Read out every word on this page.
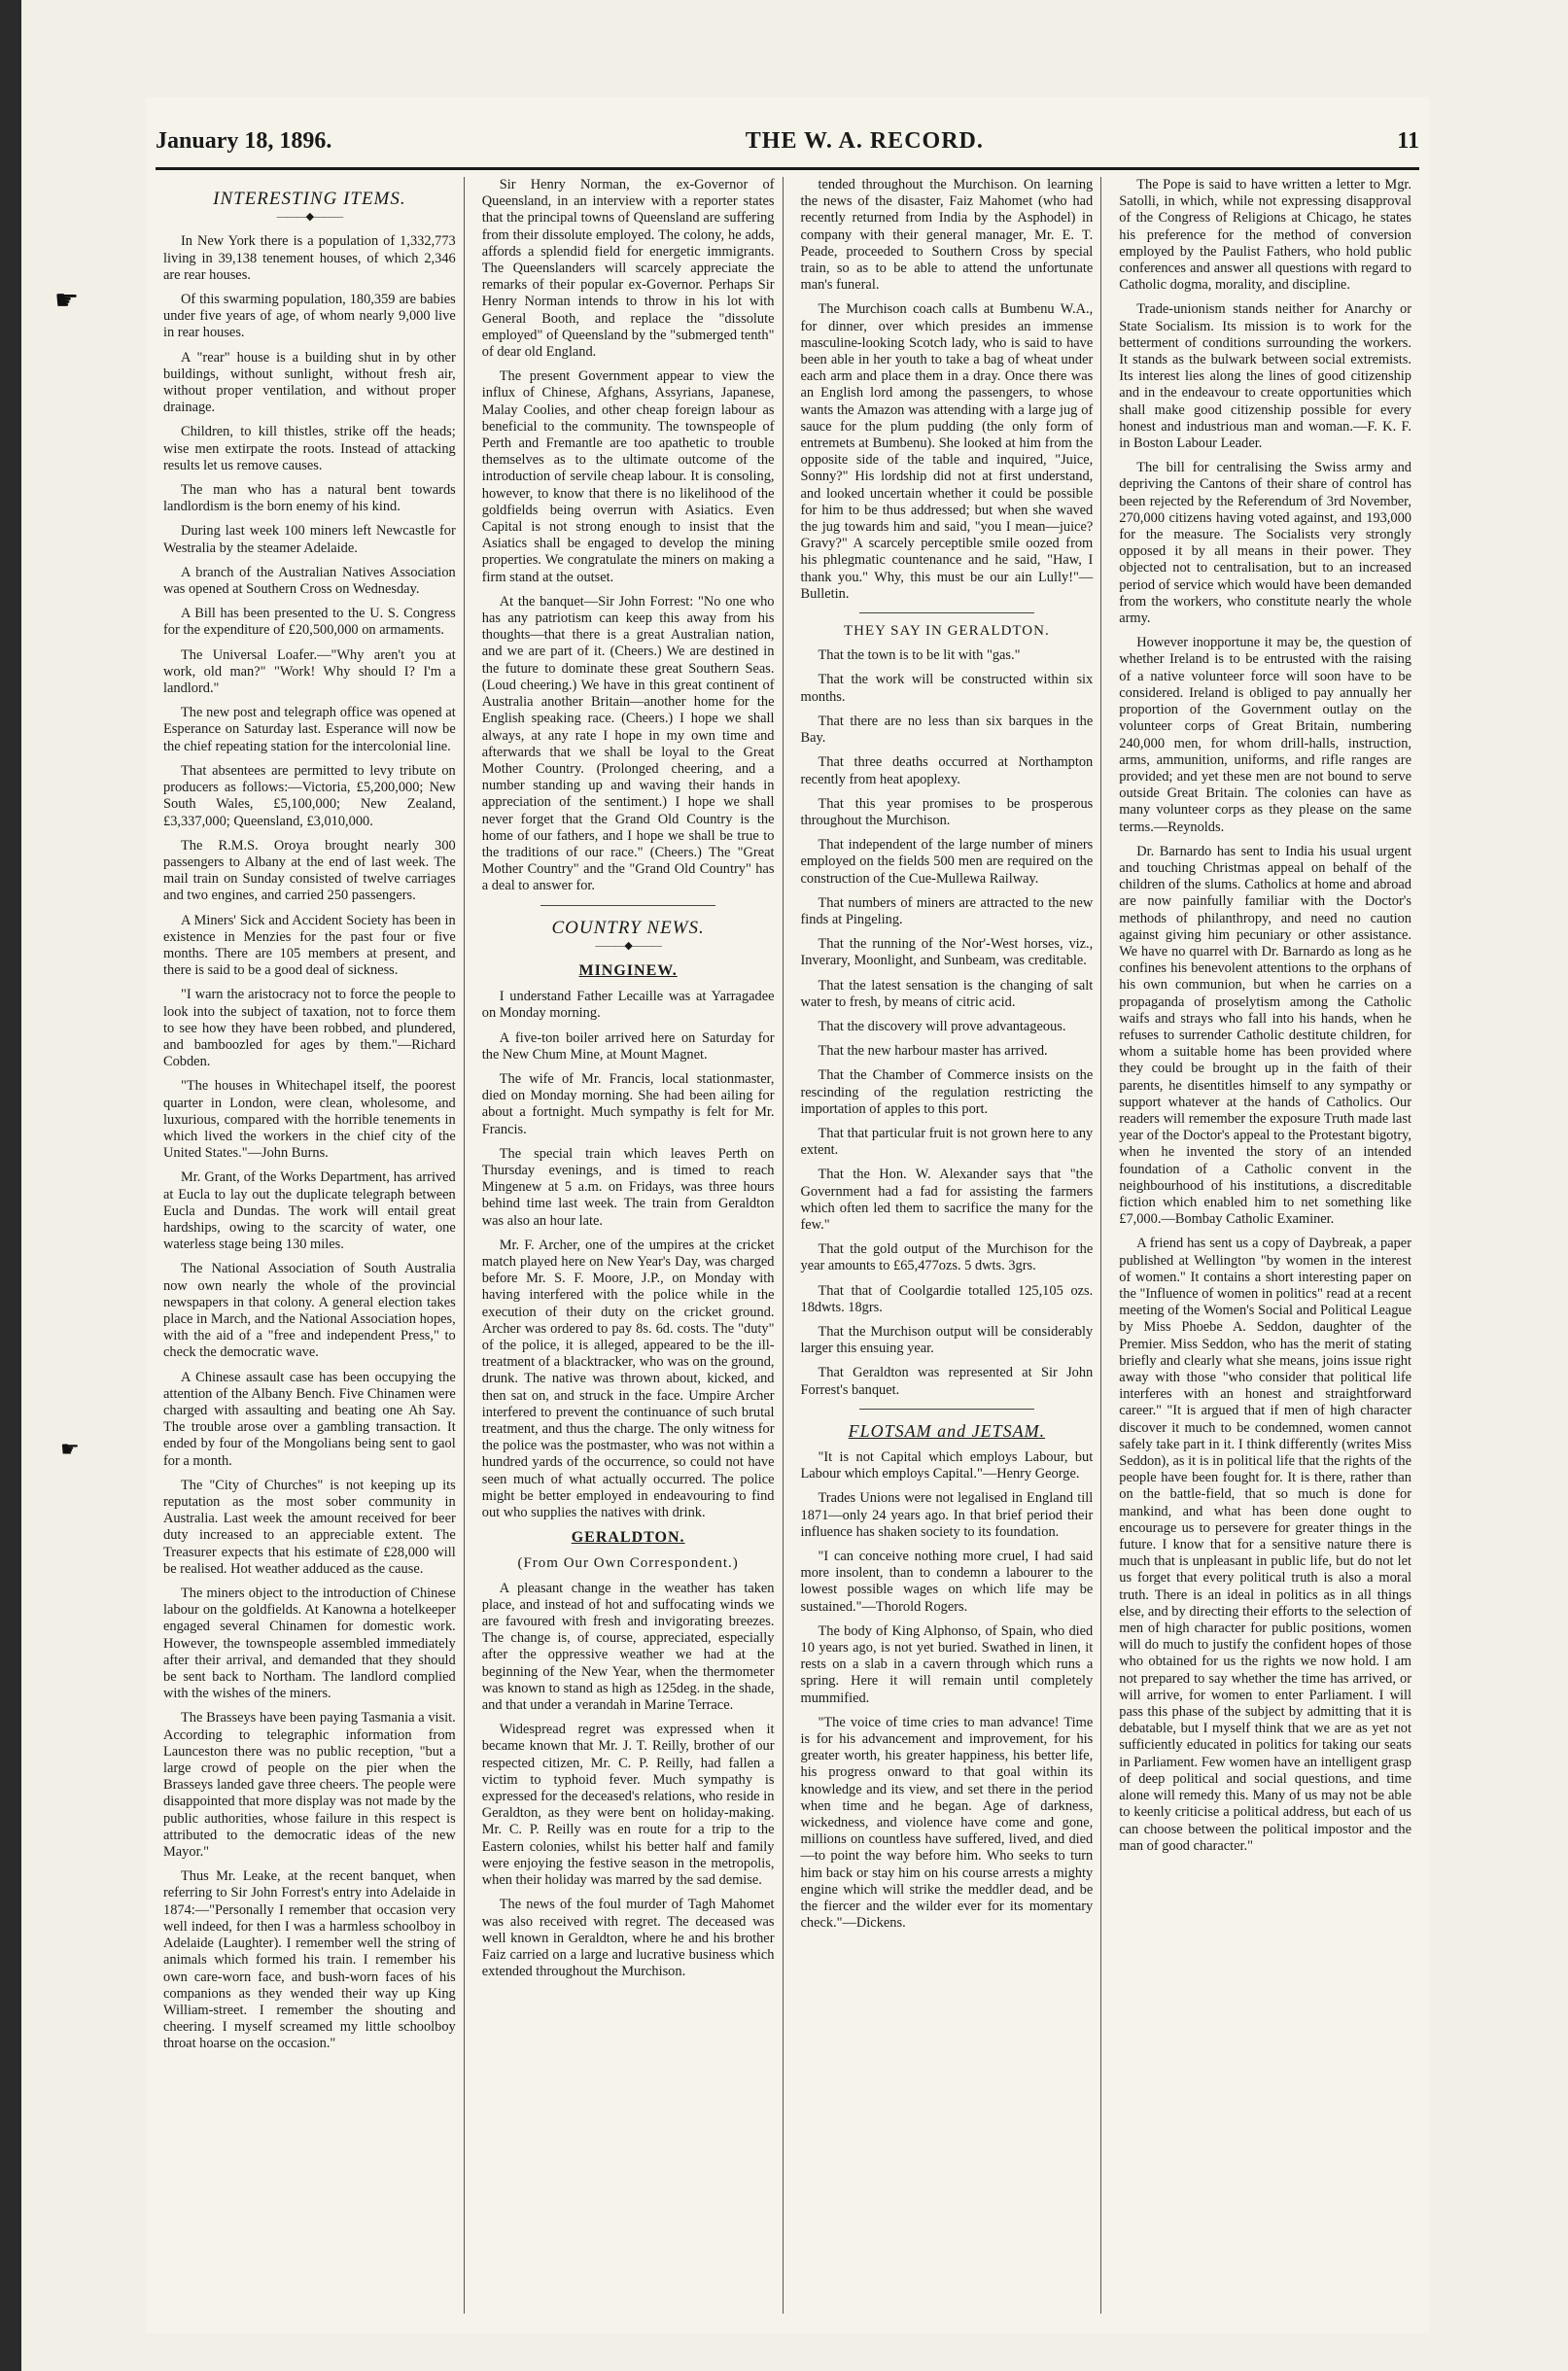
☛
☛
January 18, 1896.	THE W. A. RECORD.	11
INTERESTING ITEMS.
———◆———

In New York there is a population of 1,332,773 living in 39,138 tenement houses, of which 2,346 are rear houses.

Of this swarming population, 180,359 are babies under five years of age, of whom nearly 9,000 live in rear houses.

A "rear" house is a building shut in by other buildings, without sunlight, without fresh air, without proper ventilation, and without proper drainage.

Children, to kill thistles, strike off the heads; wise men extirpate the roots. Instead of attacking results let us remove causes.

The man who has a natural bent towards landlordism is the born enemy of his kind.

During last week 100 miners left Newcastle for Westralia by the steamer Adelaide.

A branch of the Australian Natives Association was opened at Southern Cross on Wednesday.

A Bill has been presented to the U. S. Congress for the expenditure of £20,500,000 on armaments.

The Universal Loafer.—"Why aren't you at work, old man?" "Work! Why should I? I'm a landlord."

The new post and telegraph office was opened at Esperance on Saturday last. Esperance will now be the chief repeating station for the intercolonial line.

That absentees are permitted to levy tribute on producers as follows:—Victoria, £5,200,000; New South Wales, £5,100,000; New Zealand, £3,337,000; Queensland, £3,010,000.

The R.M.S. Oroya brought nearly 300 passengers to Albany at the end of last week. The mail train on Sunday consisted of twelve carriages and two engines, and carried 250 passengers.

A Miners' Sick and Accident Society has been in existence in Menzies for the past four or five months. There are 105 members at present, and there is said to be a good deal of sickness.

"I warn the aristocracy not to force the people to look into the subject of taxation, not to force them to see how they have been robbed, and plundered, and bamboozled for ages by them."—Richard Cobden.

"The houses in Whitechapel itself, the poorest quarter in London, were clean, wholesome, and luxurious, compared with the horrible tenements in which lived the workers in the chief city of the United States."—John Burns.

Mr. Grant, of the Works Department, has arrived at Eucla to lay out the duplicate telegraph between Eucla and Dundas. The work will entail great hardships, owing to the scarcity of water, one waterless stage being 130 miles.

The National Association of South Australia now own nearly the whole of the provincial newspapers in that colony. A general election takes place in March, and the National Association hopes, with the aid of a "free and independent Press," to check the democratic wave.

A Chinese assault case has been occupying the attention of the Albany Bench. Five Chinamen were charged with assaulting and beating one Ah Say. The trouble arose over a gambling transaction. It ended by four of the Mongolians being sent to gaol for a month.

The "City of Churches" is not keeping up its reputation as the most sober community in Australia. Last week the amount received for beer duty increased to an appreciable extent. The Treasurer expects that his estimate of £28,000 will be realised. Hot weather adduced as the cause.

The miners object to the introduction of Chinese labour on the goldfields. At Kanowna a hotelkeeper engaged several Chinamen for domestic work. However, the townspeople assembled immediately after their arrival, and demanded that they should be sent back to Northam. The landlord complied with the wishes of the miners.

The Brasseys have been paying Tasmania a visit. According to telegraphic information from Launceston there was no public reception, "but a large crowd of people on the pier when the Brasseys landed gave three cheers. The people were disappointed that more display was not made by the public authorities, whose failure in this respect is attributed to the democratic ideas of the new Mayor."

Thus Mr. Leake, at the recent banquet, when referring to Sir John Forrest's entry into Adelaide in 1874:—"Personally I remember that occasion very well indeed, for then I was a harmless schoolboy in Adelaide (Laughter). I remember well the string of animals which formed his train. I remember his own care-worn face, and bush-worn faces of his companions as they wended their way up King William-street. I remember the shouting and cheering. I myself screamed my little schoolboy throat hoarse on the occasion."

Sir Henry Norman, the ex-Governor of Queensland, in an interview with a reporter states that the principal towns of Queensland are suffering from their dissolute employed. The colony, he adds, affords a splendid field for energetic immigrants. The Queenslanders will scarcely appreciate the remarks of their popular ex-Governor. Perhaps Sir Henry Norman intends to throw in his lot with General Booth, and replace the "dissolute employed" of Queensland by the "submerged tenth" of dear old England.

The present Government appear to view the influx of Chinese, Afghans, Assyrians, Japanese, Malay Coolies, and other cheap foreign labour as beneficial to the community. The townspeople of Perth and Fremantle are too apathetic to trouble themselves as to the ultimate outcome of the introduction of servile cheap labour. It is consoling, however, to know that there is no likelihood of the goldfields being overrun with Asiatics. Even Capital is not strong enough to insist that the Asiatics shall be engaged to develop the mining properties. We congratulate the miners on making a firm stand at the outset.

At the banquet—Sir John Forrest: "No one who has any patriotism can keep this away from his thoughts—that there is a great Australian nation, and we are part of it. (Cheers.) We are destined in the future to dominate these great Southern Seas. (Loud cheering.) We have in this great continent of Australia another Britain—another home for the English speaking race. (Cheers.) I hope we shall always, at any rate I hope in my own time and afterwards that we shall be loyal to the Great Mother Country. (Prolonged cheering, and a number standing up and waving their hands in appreciation of the sentiment.) I hope we shall never forget that the Grand Old Country is the home of our fathers, and I hope we shall be true to the traditions of our race." (Cheers.) The "Great Mother Country" and the "Grand Old Country" has a deal to answer for.

COUNTRY NEWS.
———◆———
MINGINEW.

I understand Father Lecaille was at Yarragadee on Monday morning.

A five-ton boiler arrived here on Saturday for the New Chum Mine, at Mount Magnet.

The wife of Mr. Francis, local stationmaster, died on Monday morning. She had been ailing for about a fortnight. Much sympathy is felt for Mr. Francis.

The special train which leaves Perth on Thursday evenings, and is timed to reach Mingenew at 5 a.m. on Fridays, was three hours behind time last week. The train from Geraldton was also an hour late.

Mr. F. Archer, one of the umpires at the cricket match played here on New Year's Day, was charged before Mr. S. F. Moore, J.P., on Monday with having interfered with the police while in the execution of their duty on the cricket ground. Archer was ordered to pay 8s. 6d. costs. The "duty" of the police, it is alleged, appeared to be the ill-treatment of a blacktracker, who was on the ground, drunk. The native was thrown about, kicked, and then sat on, and struck in the face. Umpire Archer interfered to prevent the continuance of such brutal treatment, and thus the charge. The only witness for the police was the postmaster, who was not within a hundred yards of the occurrence, so could not have seen much of what actually occurred. The police might be better employed in endeavouring to find out who supplies the natives with drink.

GERALDTON.
(From Our Own Correspondent.)

A pleasant change in the weather has taken place, and instead of hot and suffocating winds we are favoured with fresh and invigorating breezes. The change is, of course, appreciated, especially after the oppressive weather we had at the beginning of the New Year, when the thermometer was known to stand as high as 125deg. in the shade, and that under a verandah in Marine Terrace.

Widespread regret was expressed when it became known that Mr. J. T. Reilly, brother of our respected citizen, Mr. C. P. Reilly, had fallen a victim to typhoid fever. Much sympathy is expressed for the deceased's relations, who reside in Geraldton, as they were bent on holiday-making. Mr. C. P. Reilly was en route for a trip to the Eastern colonies, whilst his better half and family were enjoying the festive season in the metropolis, when their holiday was marred by the sad demise.

The news of the foul murder of Tagh Mahomet was also received with regret. The deceased was well known in Geraldton, where he and his brother Faiz carried on a large and lucrative business which extended throughout the Murchison.

tended throughout the Murchison. On learning the news of the disaster, Faiz Mahomet (who had recently returned from India by the Asphodel) in company with their general manager, Mr. E. T. Peade, proceeded to Southern Cross by special train, so as to be able to attend the unfortunate man's funeral.

The Murchison coach calls at Bumbenu W.A., for dinner, over which presides an immense masculine-looking Scotch lady, who is said to have been able in her youth to take a bag of wheat under each arm and place them in a dray. Once there was an English lord among the passengers, to whose wants the Amazon was attending with a large jug of sauce for the plum pudding (the only form of entremets at Bumbenu). She looked at him from the opposite side of the table and inquired, "Juice, Sonny?" His lordship did not at first understand, and looked uncertain whether it could be possible for him to be thus addressed; but when she waved the jug towards him and said, "you I mean—juice? Gravy?" A scarcely perceptible smile oozed from his phlegmatic countenance and he said, "Haw, I thank you." Why, this must be our ain Lully!"—Bulletin.

THEY SAY IN GERALDTON.

That the town is to be lit with "gas."

That the work will be constructed within six months.

That there are no less than six barques in the Bay.

That three deaths occurred at Northampton recently from heat apoplexy.

That this year promises to be prosperous throughout the Murchison.

That independent of the large number of miners employed on the fields 500 men are required on the construction of the Cue-Mullewa Railway.

That numbers of miners are attracted to the new finds at Pingeling.

That the running of the Nor'-West horses, viz., Inverary, Moonlight, and Sunbeam, was creditable.

That the latest sensation is the changing of salt water to fresh, by means of citric acid.

That the discovery will prove advantageous.

That the new harbour master has arrived.

That the Chamber of Commerce insists on the rescinding of the regulation restricting the importation of apples to this port.

That that particular fruit is not grown here to any extent.

That the Hon. W. Alexander says that "the Government had a fad for assisting the farmers which often led them to sacrifice the many for the few."

That the gold output of the Murchison for the year amounts to £65,477ozs. 5 dwts. 3grs.

That that of Coolgardie totalled 125,105 ozs. 18dwts. 18grs.

That the Murchison output will be considerably larger this ensuing year.

That Geraldton was represented at Sir John Forrest's banquet.

FLOTSAM and JETSAM.

"It is not Capital which employs Labour, but Labour which employs Capital."—Henry George.

Trades Unions were not legalised in England till 1871—only 24 years ago. In that brief period their influence has shaken society to its foundation.

"I can conceive nothing more cruel, I had said more insolent, than to condemn a labourer to the lowest possible wages on which life may be sustained."—Thorold Rogers.

The body of King Alphonso, of Spain, who died 10 years ago, is not yet buried. Swathed in linen, it rests on a slab in a cavern through which runs a spring. Here it will remain until completely mummified.

"The voice of time cries to man advance! Time is for his advancement and improvement, for his greater worth, his greater happiness, his better life, his progress onward to that goal within its knowledge and its view, and set there in the period when time and he began. Age of darkness, wickedness, and violence have come and gone, millions on countless have suffered, lived, and died—to point the way before him. Who seeks to turn him back or stay him on his course arrests a mighty engine which will strike the meddler dead, and be the fiercer and the wilder ever for its momentary check."—Dickens.

The Pope is said to have written a letter to Mgr. Satolli, in which, while not expressing disapproval of the Congress of Religions at Chicago, he states his preference for the method of conversion employed by the Paulist Fathers, who hold public conferences and answer all questions with regard to Catholic dogma, morality, and discipline.

Trade-unionism stands neither for Anarchy or State Socialism. Its mission is to work for the betterment of conditions surrounding the workers. It stands as the bulwark between social extremists. Its interest lies along the lines of good citizenship and in the endeavour to create opportunities which shall make good citizenship possible for every honest and industrious man and woman.—F. K. F. in Boston Labour Leader.

The bill for centralising the Swiss army and depriving the Cantons of their share of control has been rejected by the Referendum of 3rd November, 270,000 citizens having voted against, and 193,000 for the measure. The Socialists very strongly opposed it by all means in their power. They objected not to centralisation, but to an increased period of service which would have been demanded from the workers, who constitute nearly the whole army.

However inopportune it may be, the question of whether Ireland is to be entrusted with the raising of a native volunteer force will soon have to be considered. Ireland is obliged to pay annually her proportion of the Government outlay on the volunteer corps of Great Britain, numbering 240,000 men, for whom drill-halls, instruction, arms, ammunition, uniforms, and rifle ranges are provided; and yet these men are not bound to serve outside Great Britain. The colonies can have as many volunteer corps as they please on the same terms.—Reynolds.

Dr. Barnardo has sent to India his usual urgent and touching Christmas appeal on behalf of the children of the slums. Catholics at home and abroad are now painfully familiar with the Doctor's methods of philanthropy, and need no caution against giving him pecuniary or other assistance. We have no quarrel with Dr. Barnardo as long as he confines his benevolent attentions to the orphans of his own communion, but when he carries on a propaganda of proselytism among the Catholic waifs and strays who fall into his hands, when he refuses to surrender Catholic destitute children, for whom a suitable home has been provided where they could be brought up in the faith of their parents, he disentitles himself to any sympathy or support whatever at the hands of Catholics. Our readers will remember the exposure Truth made last year of the Doctor's appeal to the Protestant bigotry, when he invented the story of an intended foundation of a Catholic convent in the neighbourhood of his institutions, a discreditable fiction which enabled him to net something like £7,000.—Bombay Catholic Examiner.

A friend has sent us a copy of Daybreak, a paper published at Wellington "by women in the interest of women." It contains a short interesting paper on the "Influence of women in politics" read at a recent meeting of the Women's Social and Political League by Miss Phoebe A. Seddon, daughter of the Premier. Miss Seddon, who has the merit of stating briefly and clearly what she means, joins issue right away with those "who consider that political life interferes with an honest and straightforward career." "It is argued that if men of high character discover it much to be condemned, women cannot safely take part in it. I think differently (writes Miss Seddon), as it is in political life that the rights of the people have been fought for. It is there, rather than on the battle-field, that so much is done for mankind, and what has been done ought to encourage us to persevere for greater things in the future. I know that for a sensitive nature there is much that is unpleasant in public life, but do not let us forget that every political truth is also a moral truth. There is an ideal in politics as in all things else, and by directing their efforts to the selection of men of high character for public positions, women will do much to justify the confident hopes of those who obtained for us the rights we now hold. I am not prepared to say whether the time has arrived, or will arrive, for women to enter Parliament. I will pass this phase of the subject by admitting that it is debatable, but I myself think that we are as yet not sufficiently educated in politics for taking our seats in Parliament. Few women have an intelligent grasp of deep political and social questions, and time alone will remedy this. Many of us may not be able to keenly criticise a political address, but each of us can choose between the political impostor and the man of good character."
